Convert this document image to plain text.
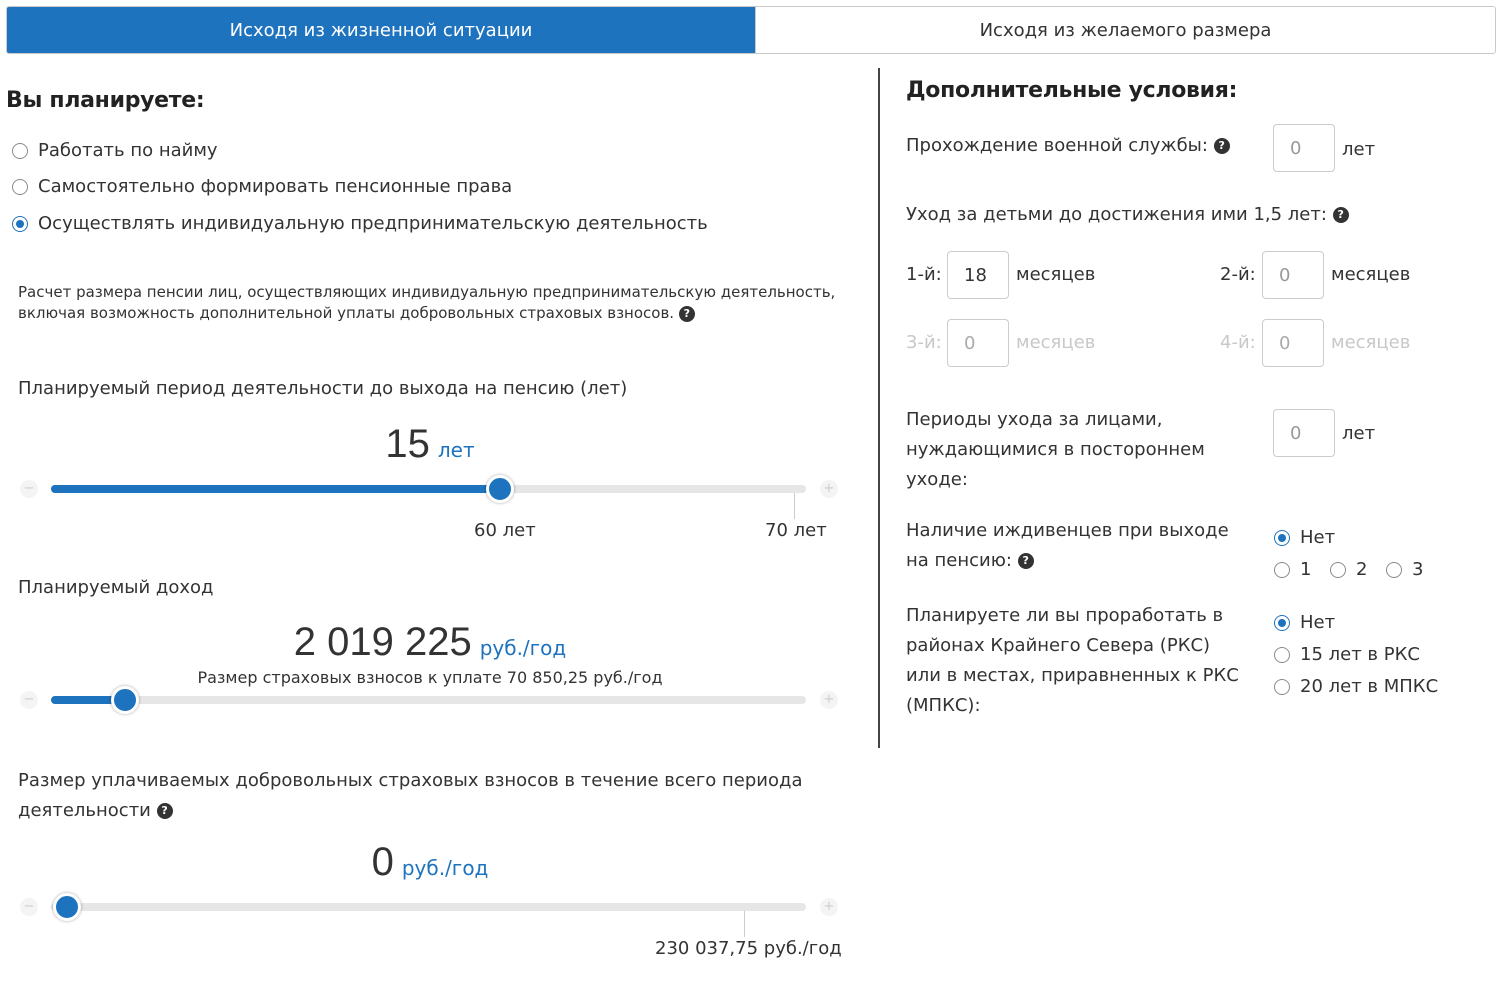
Исходя из жизненной ситуации	Исходя из желаемого размера
Вы планируете:
Работать по найму
Самостоятельно формировать пенсионные права
Осуществлять индивидуальную предпринимательскую деятельность
Расчет размера пенсии лиц, осуществляющих индивидуальную предпринимательскую деятельность,
включая возможность дополнительной уплаты добровольных страховых взносов. ?
Планируемый период деятельности до выхода на пенсию (лет)
15 лет
−	+
60 лет	70 лет
Планируемый доход
2 019 225 руб./год
Размер страховых взносов к уплате 70 850,25 руб./год
−	+
Размер уплачиваемых добровольных страховых взносов в течение всего периода
деятельности ?
0 руб./год
−	+
230 037,75 руб./год
Дополнительные условия:
Прохождение военной службы: ?	0	лет
Уход за детьми до достижения ими 1,5 лет: ?
1-й:	18	месяцев	2-й:	0	месяцев
3-й:	0	месяцев	4-й:	0	месяцев
Периоды ухода за лицами,
нуждающимися в постороннем
уходе:
0	лет
Наличие иждивенцев при выходе
на пенсию: ?
Нет
1 2 3
Планируете ли вы проработать в
районах Крайнего Севера (РКС)
или в местах, приравненных к РКС
(МПКС):
Нет
15 лет в РКС
20 лет в МПКС
